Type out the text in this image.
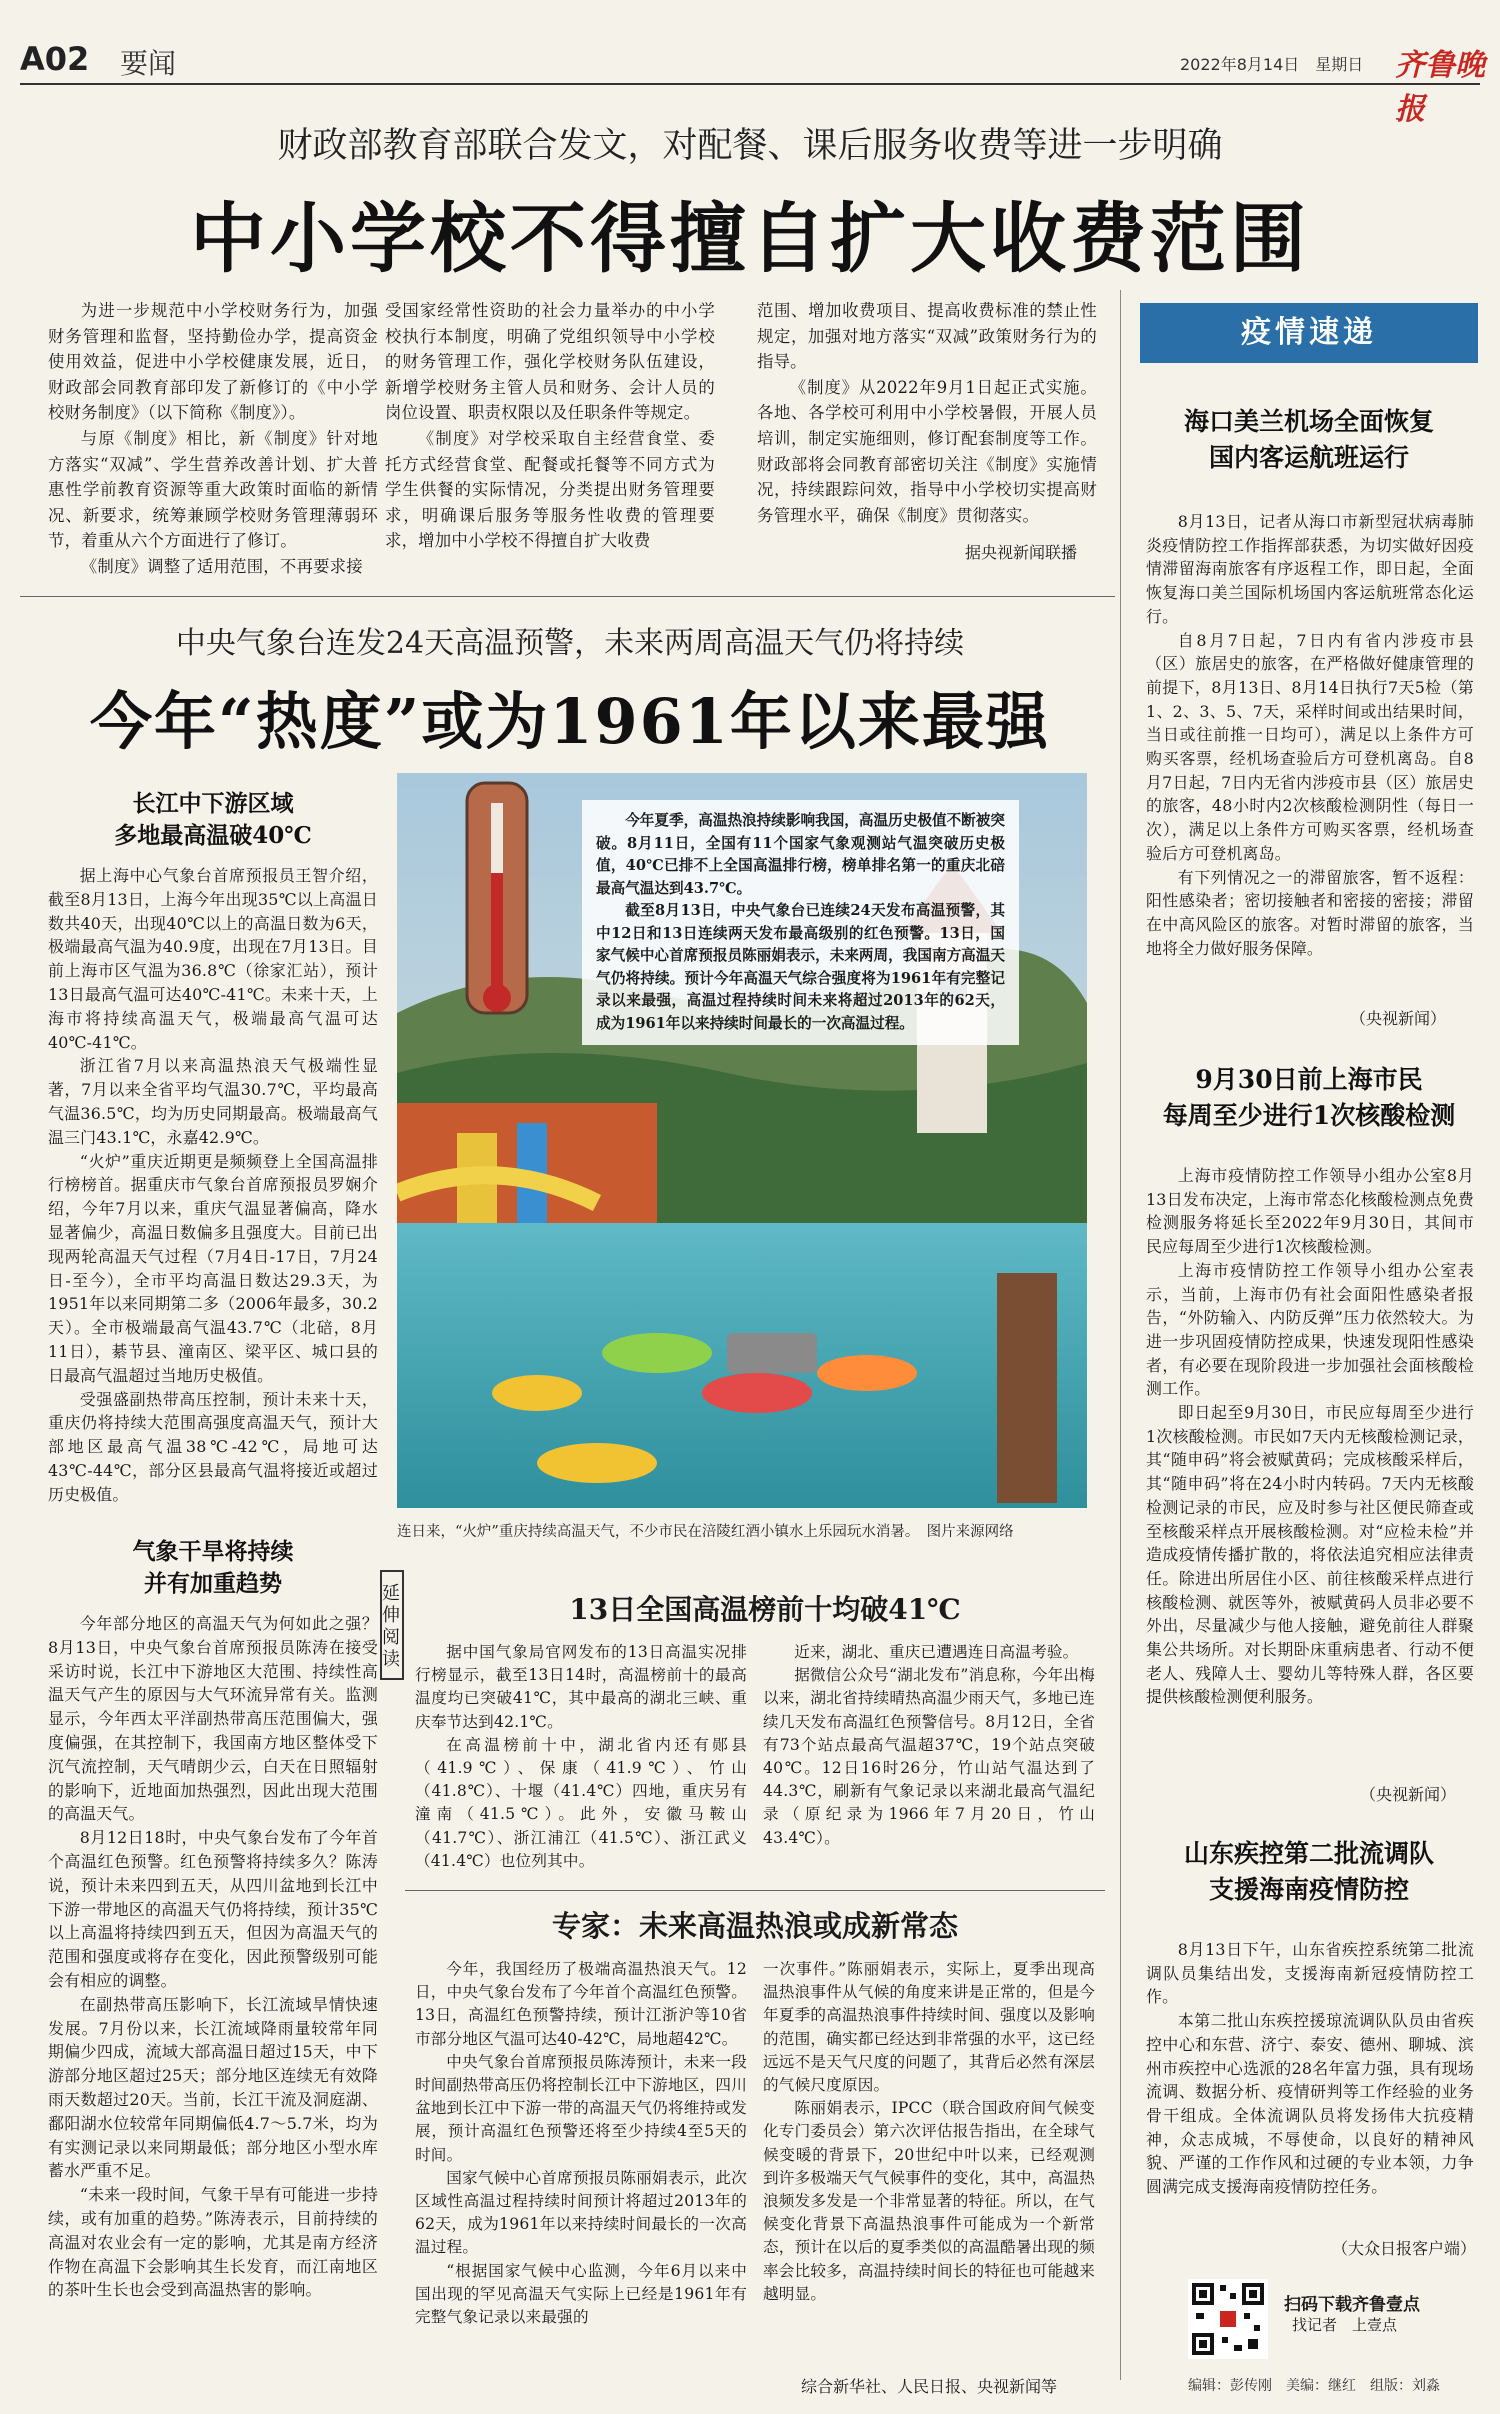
A02 要闻	2022年8月14日　星期日 齐鲁晚报
财政部教育部联合发文，对配餐、课后服务收费等进一步明确
中小学校不得擅自扩大收费范围

为进一步规范中小学校财务行为，加强财务管理和监督，坚持勤俭办学，提高资金使用效益，促进中小学校健康发展，近日，财政部会同教育部印发了新修订的《中小学校财务制度》（以下简称《制度》）。

与原《制度》相比，新《制度》针对地方落实“双减”、学生营养改善计划、扩大普惠性学前教育资源等重大政策时面临的新情况、新要求，统筹兼顾学校财务管理薄弱环节，着重从六个方面进行了修订。

《制度》调整了适用范围，不再要求接

受国家经常性资助的社会力量举办的中小学校执行本制度，明确了党组织领导中小学校的财务管理工作，强化学校财务队伍建设，新增学校财务主管人员和财务、会计人员的岗位设置、职责权限以及任职条件等规定。

《制度》对学校采取自主经营食堂、委托方式经营食堂、配餐或托餐等不同方式为学生供餐的实际情况，分类提出财务管理要求，明确课后服务等服务性收费的管理要求，增加中小学校不得擅自扩大收费

范围、增加收费项目、提高收费标准的禁止性规定，加强对地方落实“双减”政策财务行为的指导。

《制度》从2022年9月1日起正式实施。各地、各学校可利用中小学校暑假，开展人员培训，制定实施细则，修订配套制度等工作。财政部将会同教育部密切关注《制度》实施情况，持续跟踪问效，指导中小学校切实提高财务管理水平，确保《制度》贯彻落实。

据央视新闻联播
中央气象台连发24天高温预警，未来两周高温天气仍将持续
今年“热度”或为1961年以来最强
长江中下游区域
多地最高温破40℃

据上海中心气象台首席预报员王智介绍，截至8月13日，上海今年出现35℃以上高温日数共40天，出现40℃以上的高温日数为6天，极端最高气温为40.9度，出现在7月13日。目前上海市区气温为36.8℃（徐家汇站），预计13日最高气温可达40℃-41℃。未来十天，上海市将持续高温天气，极端最高气温可达40℃-41℃。

浙江省7月以来高温热浪天气极端性显著，7月以来全省平均气温30.7℃，平均最高气温36.5℃，均为历史同期最高。极端最高气温三门43.1℃，永嘉42.9℃。

“火炉”重庆近期更是频频登上全国高温排行榜榜首。据重庆市气象台首席预报员罗娴介绍，今年7月以来，重庆气温显著偏高，降水显著偏少，高温日数偏多且强度大。目前已出现两轮高温天气过程（7月4日-17日，7月24日-至今），全市平均高温日数达29.3天，为1951年以来同期第二多（2006年最多，30.2天）。全市极端最高气温43.7℃（北碚，8月11日），綦节县、潼南区、梁平区、城口县的日最高气温超过当地历史极值。

受强盛副热带高压控制，预计未来十天，重庆仍将持续大范围高强度高温天气，预计大部地区最高气温38℃-42℃，局地可达43℃-44℃，部分区县最高气温将接近或超过历史极值。

气象干旱将持续
并有加重趋势

今年部分地区的高温天气为何如此之强？8月13日，中央气象台首席预报员陈涛在接受采访时说，长江中下游地区大范围、持续性高温天气产生的原因与大气环流异常有关。监测显示，今年西太平洋副热带高压范围偏大，强度偏强，在其控制下，我国南方地区整体受下沉气流控制，天气晴朗少云，白天在日照辐射的影响下，近地面加热强烈，因此出现大范围的高温天气。

8月12日18时，中央气象台发布了今年首个高温红色预警。红色预警将持续多久？陈涛说，预计未来四到五天，从四川盆地到长江中下游一带地区的高温天气仍将持续，预计35℃以上高温将持续四到五天，但因为高温天气的范围和强度或将存在变化，因此预警级别可能会有相应的调整。

在副热带高压影响下，长江流域旱情快速发展。7月份以来，长江流域降雨量较常年同期偏少四成，流域大部高温日超过15天，中下游部分地区超过25天；部分地区连续无有效降雨天数超过20天。当前，长江干流及洞庭湖、鄱阳湖水位较常年同期偏低4.7～5.7米，均为有实测记录以来同期最低；部分地区小型水库蓄水严重不足。

“未来一段时间，气象干旱有可能进一步持续，或有加重的趋势。”陈涛表示，目前持续的高温对农业会有一定的影响，尤其是南方经济作物在高温下会影响其生长发育，而江南地区的茶叶生长也会受到高温热害的影响。

今年夏季，高温热浪持续影响我国，高温历史极值不断被突破。8月11日，全国有11个国家气象观测站气温突破历史极值，40℃已排不上全国高温排行榜，榜单排名第一的重庆北碚最高气温达到43.7℃。

截至8月13日，中央气象台已连续24天发布高温预警，其中12日和13日连续两天发布最高级别的红色预警。13日，国家气候中心首席预报员陈丽娟表示，未来两周，我国南方高温天气仍将持续。预计今年高温天气综合强度将为1961年有完整记录以来最强，高温过程持续时间未来将超过2013年的62天，成为1961年以来持续时间最长的一次高温过程。

连日来，“火炉”重庆持续高温天气，不少市民在涪陵红酒小镇水上乐园玩水消暑。　图片来源网络
延伸阅读	13日全国高温榜前十均破41℃

据中国气象局官网发布的13日高温实况排行榜显示，截至13日14时，高温榜前十的最高温度均已突破41℃，其中最高的湖北三峡、重庆奉节达到42.1℃。

在高温榜前十中，湖北省内还有郧县（41.9℃）、保康（41.9℃）、竹山（41.8℃）、十堰（41.4℃）四地，重庆另有潼南（41.5℃）。此外，安徽马鞍山（41.7℃）、浙江浦江（41.5℃）、浙江武义（41.4℃）也位列其中。

近来，湖北、重庆已遭遇连日高温考验。

据微信公众号“湖北发布”消息称，今年出梅以来，湖北省持续晴热高温少雨天气，多地已连续几天发布高温红色预警信号。8月12日，全省有73个站点最高气温超37℃，19个站点突破40℃。12日16时26分，竹山站气温达到了44.3℃，刷新有气象记录以来湖北最高气温纪录（原纪录为1966年7月20日，竹山43.4℃）。

专家：未来高温热浪或成新常态

今年，我国经历了极端高温热浪天气。12日，中央气象台发布了今年首个高温红色预警。13日，高温红色预警持续，预计江浙沪等10省市部分地区气温可达40-42℃，局地超42℃。

中央气象台首席预报员陈涛预计，未来一段时间副热带高压仍将控制长江中下游地区，四川盆地到长江中下游一带的高温天气仍将维持或发展，预计高温红色预警还将至少持续4至5天的时间。

国家气候中心首席预报员陈丽娟表示，此次区域性高温过程持续时间预计将超过2013年的62天，成为1961年以来持续时间最长的一次高温过程。

“根据国家气候中心监测，今年6月以来中国出现的罕见高温天气实际上已经是1961年有完整气象记录以来最强的

一次事件。”陈丽娟表示，实际上，夏季出现高温热浪事件从气候的角度来讲是正常的，但是今年夏季的高温热浪事件持续时间、强度以及影响的范围，确实都已经达到非常强的水平，这已经远远不是天气尺度的问题了，其背后必然有深层的气候尺度原因。

陈丽娟表示，IPCC（联合国政府间气候变化专门委员会）第六次评估报告指出，在全球气候变暖的背景下，20世纪中叶以来，已经观测到许多极端天气气候事件的变化，其中，高温热浪频发多发是一个非常显著的特征。所以，在气候变化背景下高温热浪事件可能成为一个新常态，预计在以后的夏季类似的高温酷暑出现的频率会比较多，高温持续时间长的特征也可能越来越明显。

综合新华社、人民日报、央视新闻等
疫情速递
海口美兰机场全面恢复
国内客运航班运行

8月13日，记者从海口市新型冠状病毒肺炎疫情防控工作指挥部获悉，为切实做好因疫情滞留海南旅客有序返程工作，即日起，全面恢复海口美兰国际机场国内客运航班常态化运行。

自8月7日起，7日内有省内涉疫市县（区）旅居史的旅客，在严格做好健康管理的前提下，8月13日、8月14日执行7天5检（第1、2、3、5、7天，采样时间或出结果时间，当日或往前推一日均可），满足以上条件方可购买客票，经机场查验后方可登机离岛。自8月7日起，7日内无省内涉疫市县（区）旅居史的旅客，48小时内2次核酸检测阴性（每日一次），满足以上条件方可购买客票，经机场查验后方可登机离岛。

有下列情况之一的滞留旅客，暂不返程：阳性感染者；密切接触者和密接的密接；滞留在中高风险区的旅客。对暂时滞留的旅客，当地将全力做好服务保障。

（央视新闻）
9月30日前上海市民
每周至少进行1次核酸检测

上海市疫情防控工作领导小组办公室8月13日发布决定，上海市常态化核酸检测点免费检测服务将延长至2022年9月30日，其间市民应每周至少进行1次核酸检测。

上海市疫情防控工作领导小组办公室表示，当前，上海市仍有社会面阳性感染者报告，“外防输入、内防反弹”压力依然较大。为进一步巩固疫情防控成果，快速发现阳性感染者，有必要在现阶段进一步加强社会面核酸检测工作。

即日起至9月30日，市民应每周至少进行1次核酸检测。市民如7天内无核酸检测记录，其“随申码”将会被赋黄码；完成核酸采样后，其“随申码”将在24小时内转码。7天内无核酸检测记录的市民，应及时参与社区便民筛查或至核酸采样点开展核酸检测。对“应检未检”并造成疫情传播扩散的，将依法追究相应法律责任。除进出所居住小区、前往核酸采样点进行核酸检测、就医等外，被赋黄码人员非必要不外出，尽量减少与他人接触，避免前往人群聚集公共场所。对长期卧床重病患者、行动不便老人、残障人士、婴幼儿等特殊人群，各区要提供核酸检测便利服务。

（央视新闻）
山东疾控第二批流调队
支援海南疫情防控

8月13日下午，山东省疾控系统第二批流调队员集结出发，支援海南新冠疫情防控工作。

本第二批山东疾控援琼流调队队员由省疾控中心和东营、济宁、泰安、德州、聊城、滨州市疾控中心选派的28名年富力强，具有现场流调、数据分析、疫情研判等工作经验的业务骨干组成。全体流调队员将发扬伟大抗疫精神，众志成城，不辱使命，以良好的精神风貌、严谨的工作作风和过硬的专业本领，力争圆满完成支援海南疫情防控任务。

（大众日报客户端）
扫码下载齐鲁壹点
找记者　上壹点
编辑：彭传刚　美编：继红　组版：刘淼
